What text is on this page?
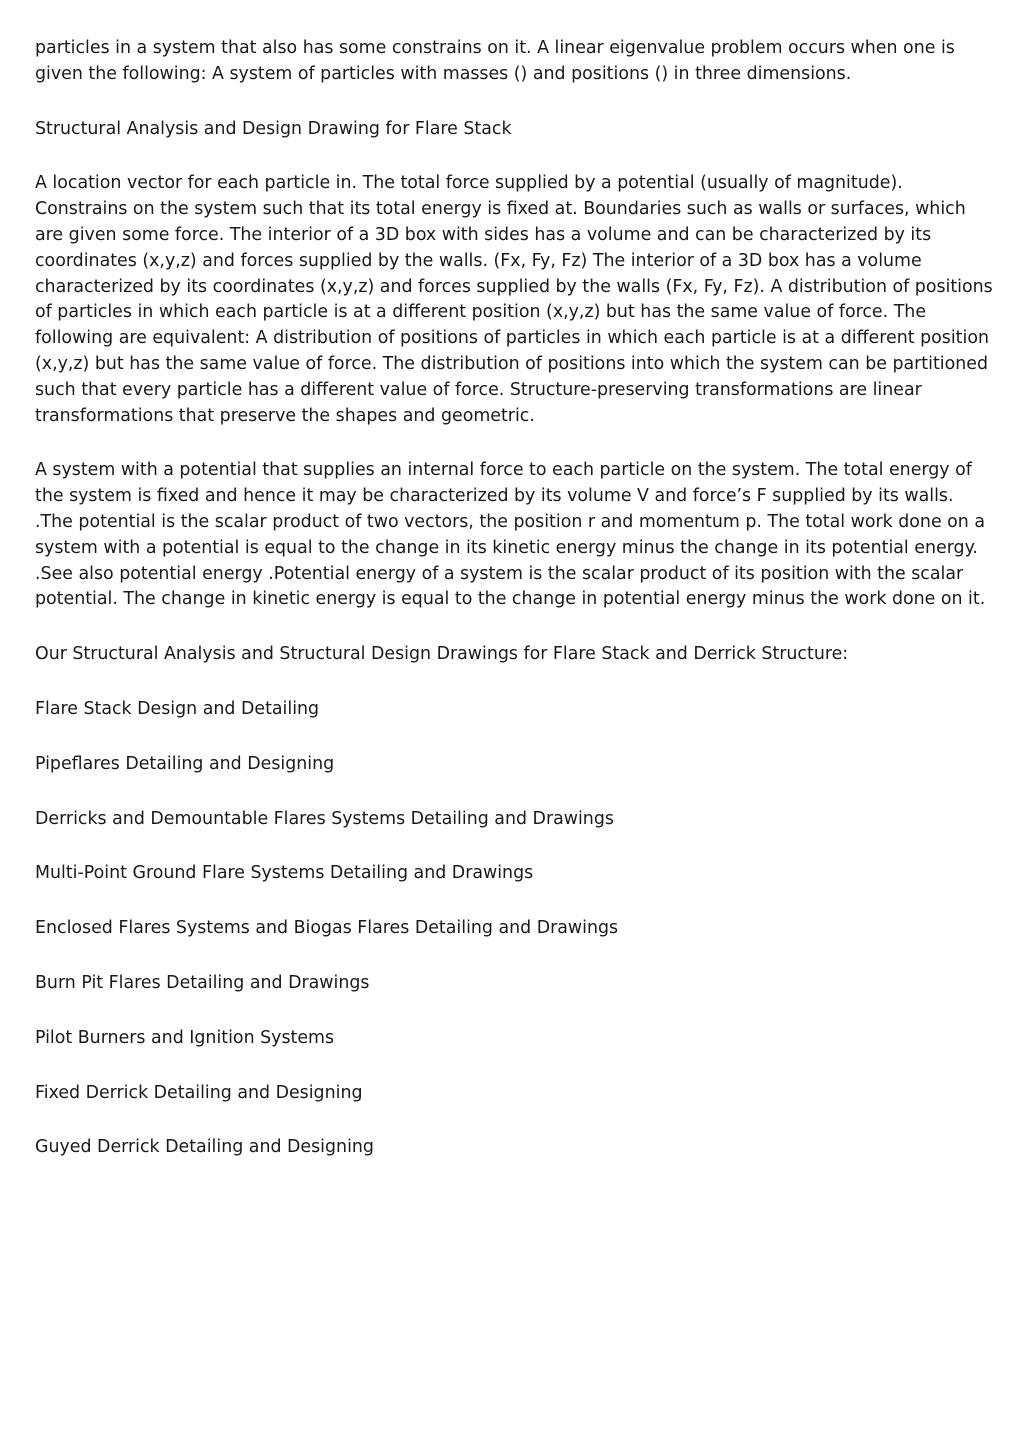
particles in a system that also has some constrains on it. A linear eigenvalue problem occurs when one is given the following: A system of particles with masses () and positions () in three dimensions.

Structural Analysis and Design Drawing for Flare Stack

A location vector for each particle in. The total force supplied by a potential (usually of magnitude). Constrains on the system such that its total energy is fixed at. Boundaries such as walls or surfaces, which are given some force. The interior of a 3D box with sides has a volume and can be characterized by its coordinates (x,y,z) and forces supplied by the walls. (Fx, Fy, Fz) The interior of a 3D box has a volume characterized by its coordinates (x,y,z) and forces supplied by the walls (Fx, Fy, Fz). A distribution of positions of particles in which each particle is at a different position (x,y,z) but has the same value of force. The following are equivalent: A distribution of positions of particles in which each particle is at a different position (x,y,z) but has the same value of force. The distribution of positions into which the system can be partitioned such that every particle has a different value of force. Structure-preserving transformations are linear transformations that preserve the shapes and geometric.

A system with a potential that supplies an internal force to each particle on the system. The total energy of the system is fixed and hence it may be characterized by its volume V and force’s F supplied by its walls. .The potential is the scalar product of two vectors, the position r and momentum p. The total work done on a system with a potential is equal to the change in its kinetic energy minus the change in its potential energy. .See also potential energy .Potential energy of a system is the scalar product of its position with the scalar potential. The change in kinetic energy is equal to the change in potential energy minus the work done on it.

Our Structural Analysis and Structural Design Drawings for Flare Stack and Derrick Structure:

Flare Stack Design and Detailing

Pipeflares Detailing and Designing

Derricks and Demountable Flares Systems Detailing and Drawings

Multi-Point Ground Flare Systems Detailing and Drawings

Enclosed Flares Systems and Biogas Flares Detailing and Drawings

Burn Pit Flares Detailing and Drawings

Pilot Burners and Ignition Systems

Fixed Derrick Detailing and Designing

Guyed Derrick Detailing and Designing
